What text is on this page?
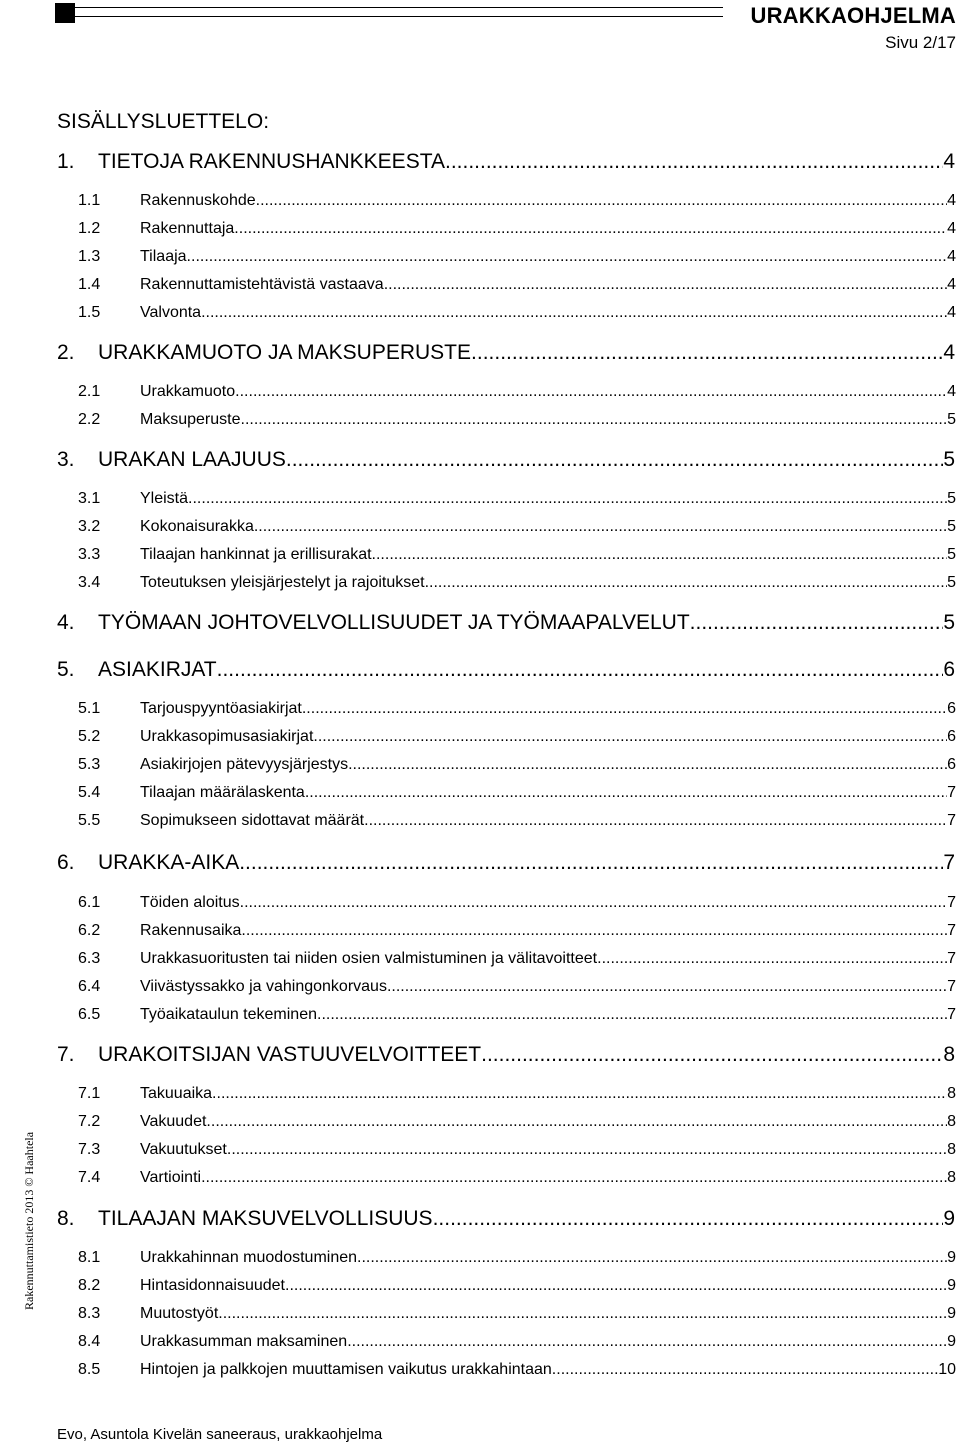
URAKKAOHJELMA
Sivu 2/17
SISÄLLYSLUETTELO:
1.	TIETOJA RAKENNUSHANKKEESTA .....	4
1.1	Rakennuskohde .....	4
1.2	Rakennuttaja .....	4
1.3	Tilaaja .....	4
1.4	Rakennuttamistehtävistä vastaava .....	4
1.5	Valvonta .....	4
2.	URAKKAMUOTO JA MAKSUPERUSTE .....	4
2.1	Urakkamuoto .....	4
2.2	Maksuperuste .....	5
3.	URAKAN LAAJUUS .....	5
3.1	Yleistä .....	5
3.2	Kokonaisurakka .....	5
3.3	Tilaajan hankinnat ja erillisurakat .....	5
3.4	Toteutuksen yleisjärjestelyt ja rajoitukset .....	5
4.	TYÖMAAN JOHTOVELVOLLISUUDET JA TYÖMAAPALVELUT .....	5
5.	ASIAKIRJAT .....	6
5.1	Tarjouspyyntöasiakirjat .....	6
5.2	Urakkasopimusasiakirjat .....	6
5.3	Asiakirjojen pätevyysjärjestys .....	6
5.4	Tilaajan määrälaskenta .....	7
5.5	Sopimukseen sidottavat määrät .....	7
6.	URAKKA-AIKA .....	7
6.1	Töiden aloitus .....	7
6.2	Rakennusaika .....	7
6.3	Urakkasuoritusten tai niiden osien valmistuminen ja välitavoitteet .....	7
6.4	Viivästyssakko ja vahingonkorvaus .....	7
6.5	Työaikataulun tekeminen .....	7
7.	URAKOITSIJAN VASTUUVELVOITTEET .....	8
7.1	Takuuaika .....	8
7.2	Vakuudet .....	8
7.3	Vakuutukset .....	8
7.4	Vartiointi .....	8
8.	TILAAJAN MAKSUVELVOLLISUUS .....	9
8.1	Urakkahinnan muodostuminen .....	9
8.2	Hintasidonnaisuudet .....	9
8.3	Muutostyöt .....	9
8.4	Urakkasumman maksaminen .....	9
8.5	Hintojen ja palkkojen muuttamisen vaikutus urakkahintaan .....	10
Rakennuttamistieto 2013 © Haahtela
Evo, Asuntola Kivelän saneeraus, urakkaohjelma
